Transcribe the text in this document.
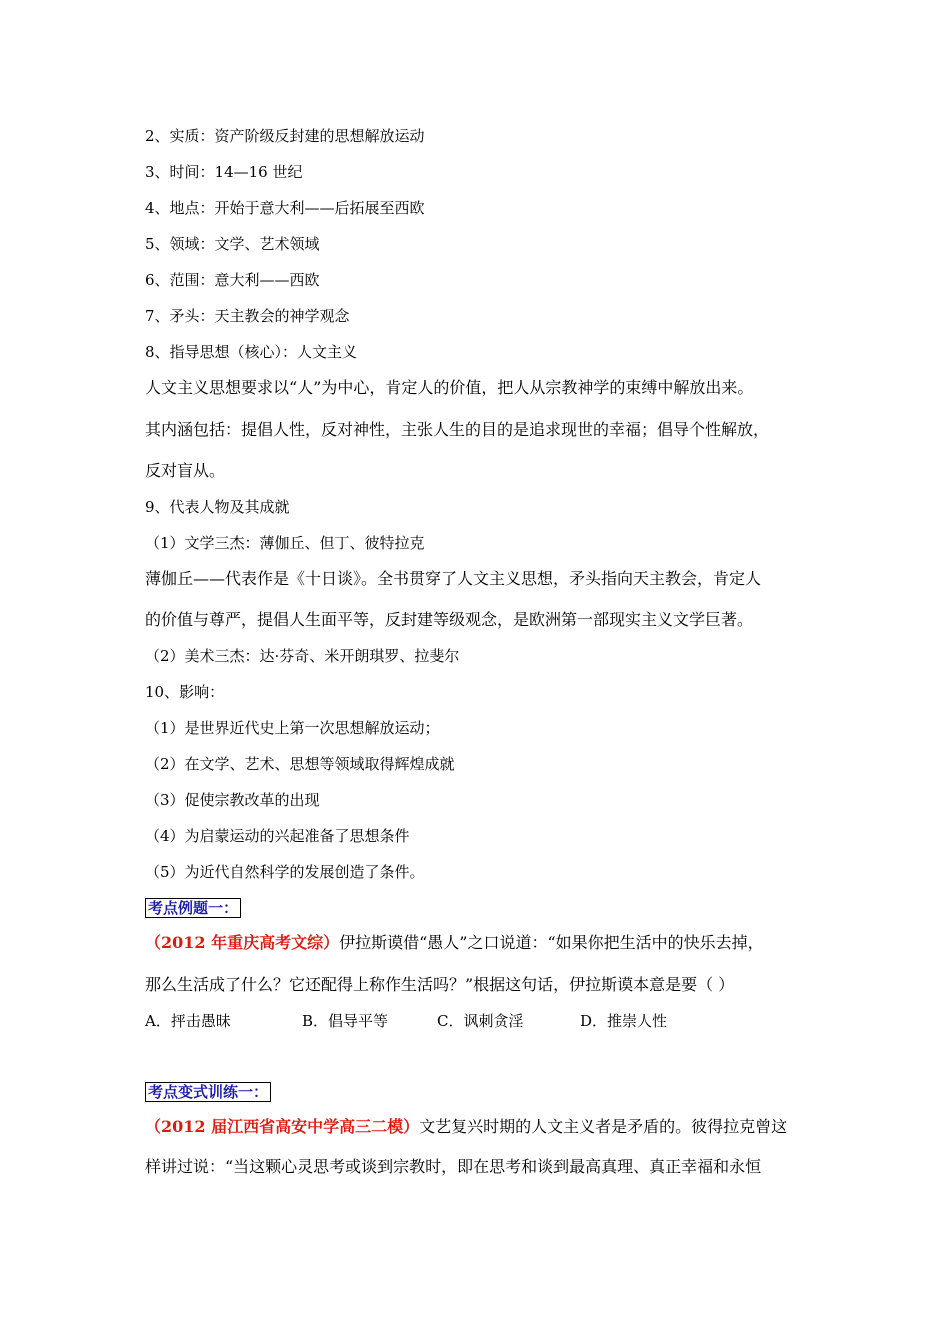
2、实质：资产阶级反封建的思想解放运动
3、时间：14—16 世纪
4、地点：开始于意大利——后拓展至西欧
5、领域：文学、艺术领域
6、范围：意大利——西欧
7、矛头：天主教会的神学观念
8、指导思想（核心）：人文主义
人文主义思想要求以“人”为中心，肯定人的价值，把人从宗教神学的束缚中解放出来。
其内涵包括：提倡人性，反对神性，主张人生的目的是追求现世的幸福；倡导个性解放，
反对盲从。
9、代表人物及其成就
（1）文学三杰：薄伽丘、但丁、彼特拉克
薄伽丘——代表作是《十日谈》。全书贯穿了人文主义思想，矛头指向天主教会，肯定人
的价值与尊严，提倡人生面平等，反封建等级观念，是欧洲第一部现实主义文学巨著。
（2）美术三杰：达·芬奇、米开朗琪罗、拉斐尔
10、影响：
（1）是世界近代史上第一次思想解放运动；
（2）在文学、艺术、思想等领域取得辉煌成就
（3）促使宗教改革的出现
（4）为启蒙运动的兴起准备了思想条件
（5）为近代自然科学的发展创造了条件。
考点例题一：
（2012 年重庆高考文综）伊拉斯谟借“愚人”之口说道：“如果你把生活中的快乐去掉，
那么生活成了什么？它还配得上称作生活吗？”根据这句话，伊拉斯谟本意是要（ ）
A．抨击愚昧	B．倡导平等	C．讽刺贪淫	D．推崇人性
考点变式训练一：
（2012 届江西省高安中学高三二模）文艺复兴时期的人文主义者是矛盾的。彼得拉克曾这
样讲过说：“当这颗心灵思考或谈到宗教时，即在思考和谈到最高真理、真正幸福和永恒
